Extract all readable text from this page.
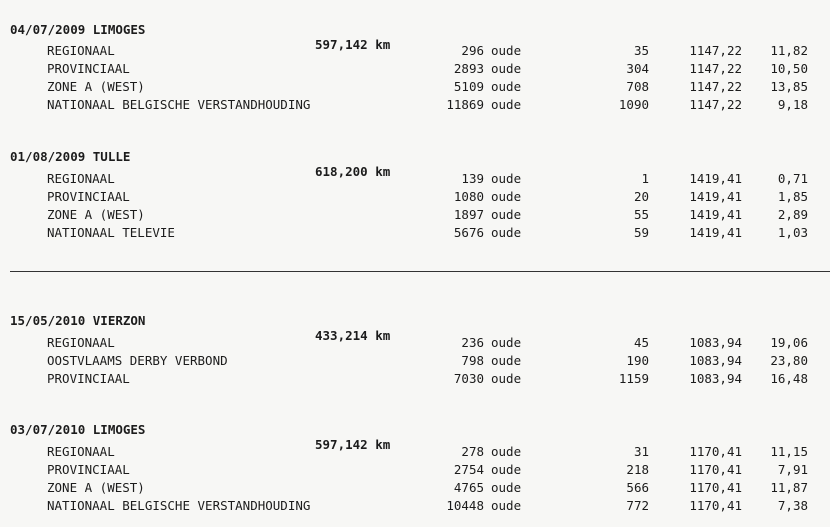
04/07/2009 LIMOGES

597,142 km

REGIONAAL	296 oude	35	1147,22 11,82
PROVINCIAAL	2893 oude	304	1147,22 10,50
ZONE A (WEST)	5109 oude	708	1147,22 13,85
NATIONAAL BELGISCHE VERSTANDHOUDING	11869 oude	1090	1147,22	9,18

01/08/2009 TULLE

618,200 km

REGIONAAL	139 oude	1	1419,41	0,71
PROVINCIAAL	1080 oude	20	1419,41	1,85
ZONE A (WEST)	1897 oude	55	1419,41	2,89
NATIONAAL TELEVIE	5676 oude	59	1419,41	1,03

15/05/2010 VIERZON

433,214 km

REGIONAAL	236 oude	45	1083,94 19,06
OOSTVLAAMS DERBY VERBOND	798 oude	190	1083,94 23,80
PROVINCIAAL	7030 oude	1159	1083,94 16,48

03/07/2010 LIMOGES

597,142 km

REGIONAAL	278 oude	31	1170,41 11,15
PROVINCIAAL	2754 oude	218	1170,41	7,91
ZONE A (WEST)	4765 oude	566	1170,41 11,87
NATIONAAL BELGISCHE VERSTANDHOUDING	10448 oude	772	1170,41	7,38
